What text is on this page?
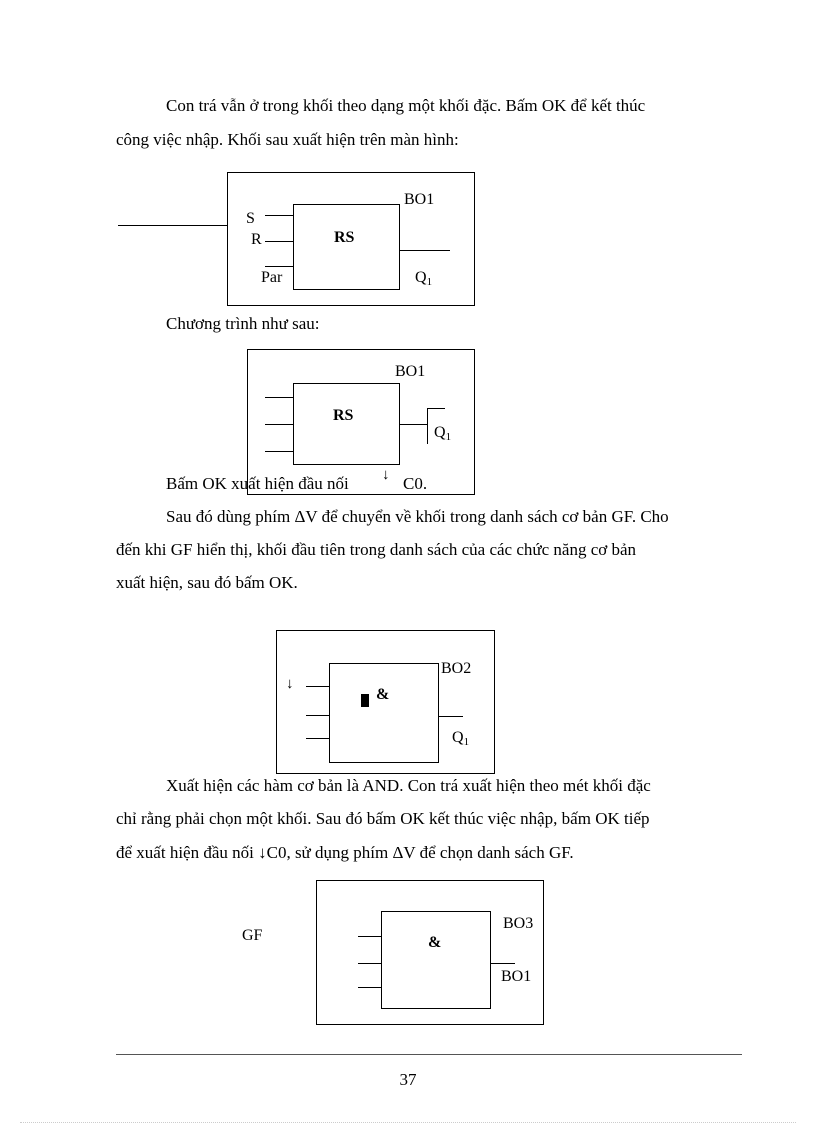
Con trá vẫn ở trong khối theo dạng một khối đặc. Bấm OK để kết thúc
công việc nhập. Khối sau xuất hiện trên màn hình:
RS
BO1
S
R
Par	$Q_1$
Chương trình như sau:
RS
BO1
$Q_1$
Bấm OK xuất hiện đầu nối ↓ C0.
Sau đó dùng phím ΔV để chuyển về khối trong danh sách cơ bản GF. Cho
đến khi GF hiển thị, khối đầu tiên trong danh sách của các chức năng cơ bản
xuất hiện, sau đó bấm OK.
↓
&
BO2
$Q_1$
Xuất hiện các hàm cơ bản là AND. Con trá xuất hiện theo mét khối đặc
chỉ rằng phải chọn một khối. Sau đó bấm OK kết thúc việc nhập, bấm OK tiếp
để xuất hiện đầu nối ↓C0, sử dụng phím ΔV để chọn danh sách GF.
GF	&
BO3
BO1
37
